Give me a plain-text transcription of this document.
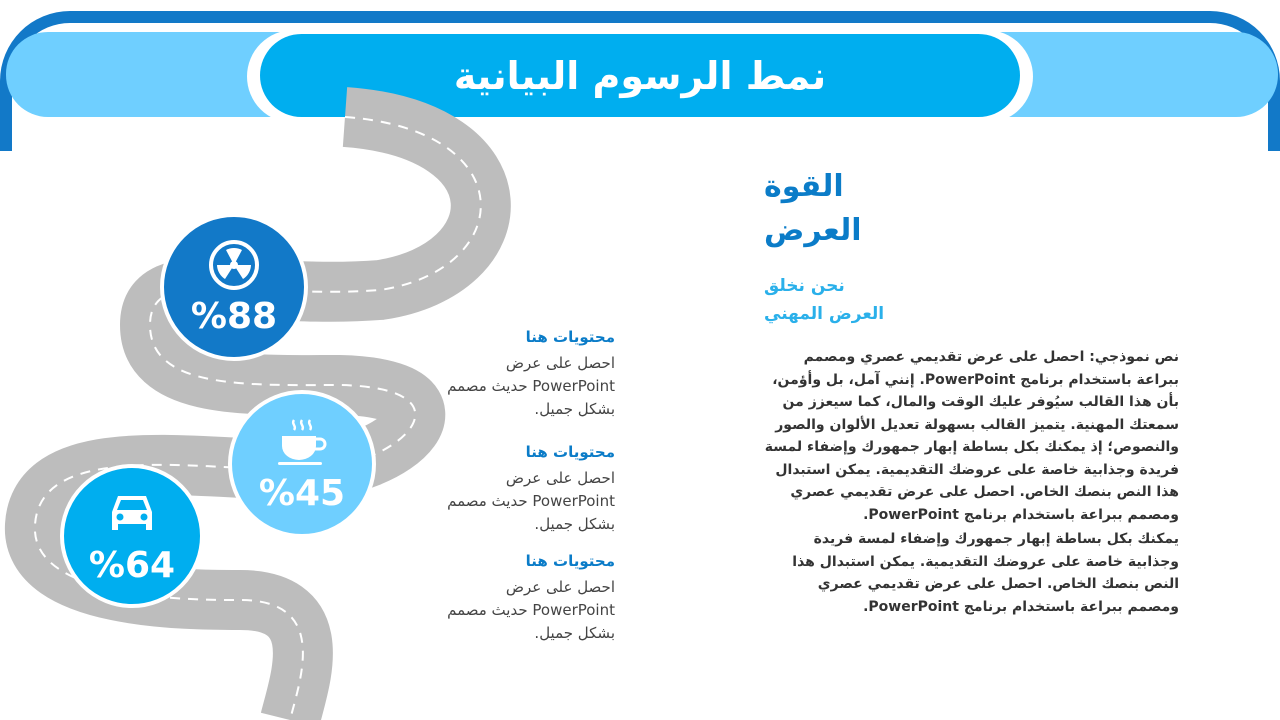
نمط الرسوم البيانية
%88
%45
%64
محتويات هنا
احصل على عرض PowerPoint حديث مصمم بشكل جميل.
محتويات هنا
احصل على عرض PowerPoint حديث مصمم بشكل جميل.
محتويات هنا
احصل على عرض PowerPoint حديث مصمم بشكل جميل.
القوة
العرض
نحن نخلق
العرض المهني
نص نموذجي: احصل على عرض تقديمي عصري ومصمم ببراعة باستخدام برنامج PowerPoint. إنني آمل، بل وأؤمن، بأن هذا القالب سيُوفر عليك الوقت والمال، كما سيعزز من سمعتك المهنية. يتميز القالب بسهولة تعديل الألوان والصور والنصوص؛ إذ يمكنك بكل بساطة إبهار جمهورك وإضفاء لمسة فريدة وجذابية خاصة على عروضك التقديمية. يمكن استبدال هذا النص بنصك الخاص. احصل على عرض تقديمي عصري ومصمم ببراعة باستخدام برنامج PowerPoint.
يمكنك بكل بساطة إبهار جمهورك وإضفاء لمسة فريدة وجذابية خاصة على عروضك التقديمية. يمكن استبدال هذا النص بنصك الخاص. احصل على عرض تقديمي عصري ومصمم ببراعة باستخدام برنامج PowerPoint.
